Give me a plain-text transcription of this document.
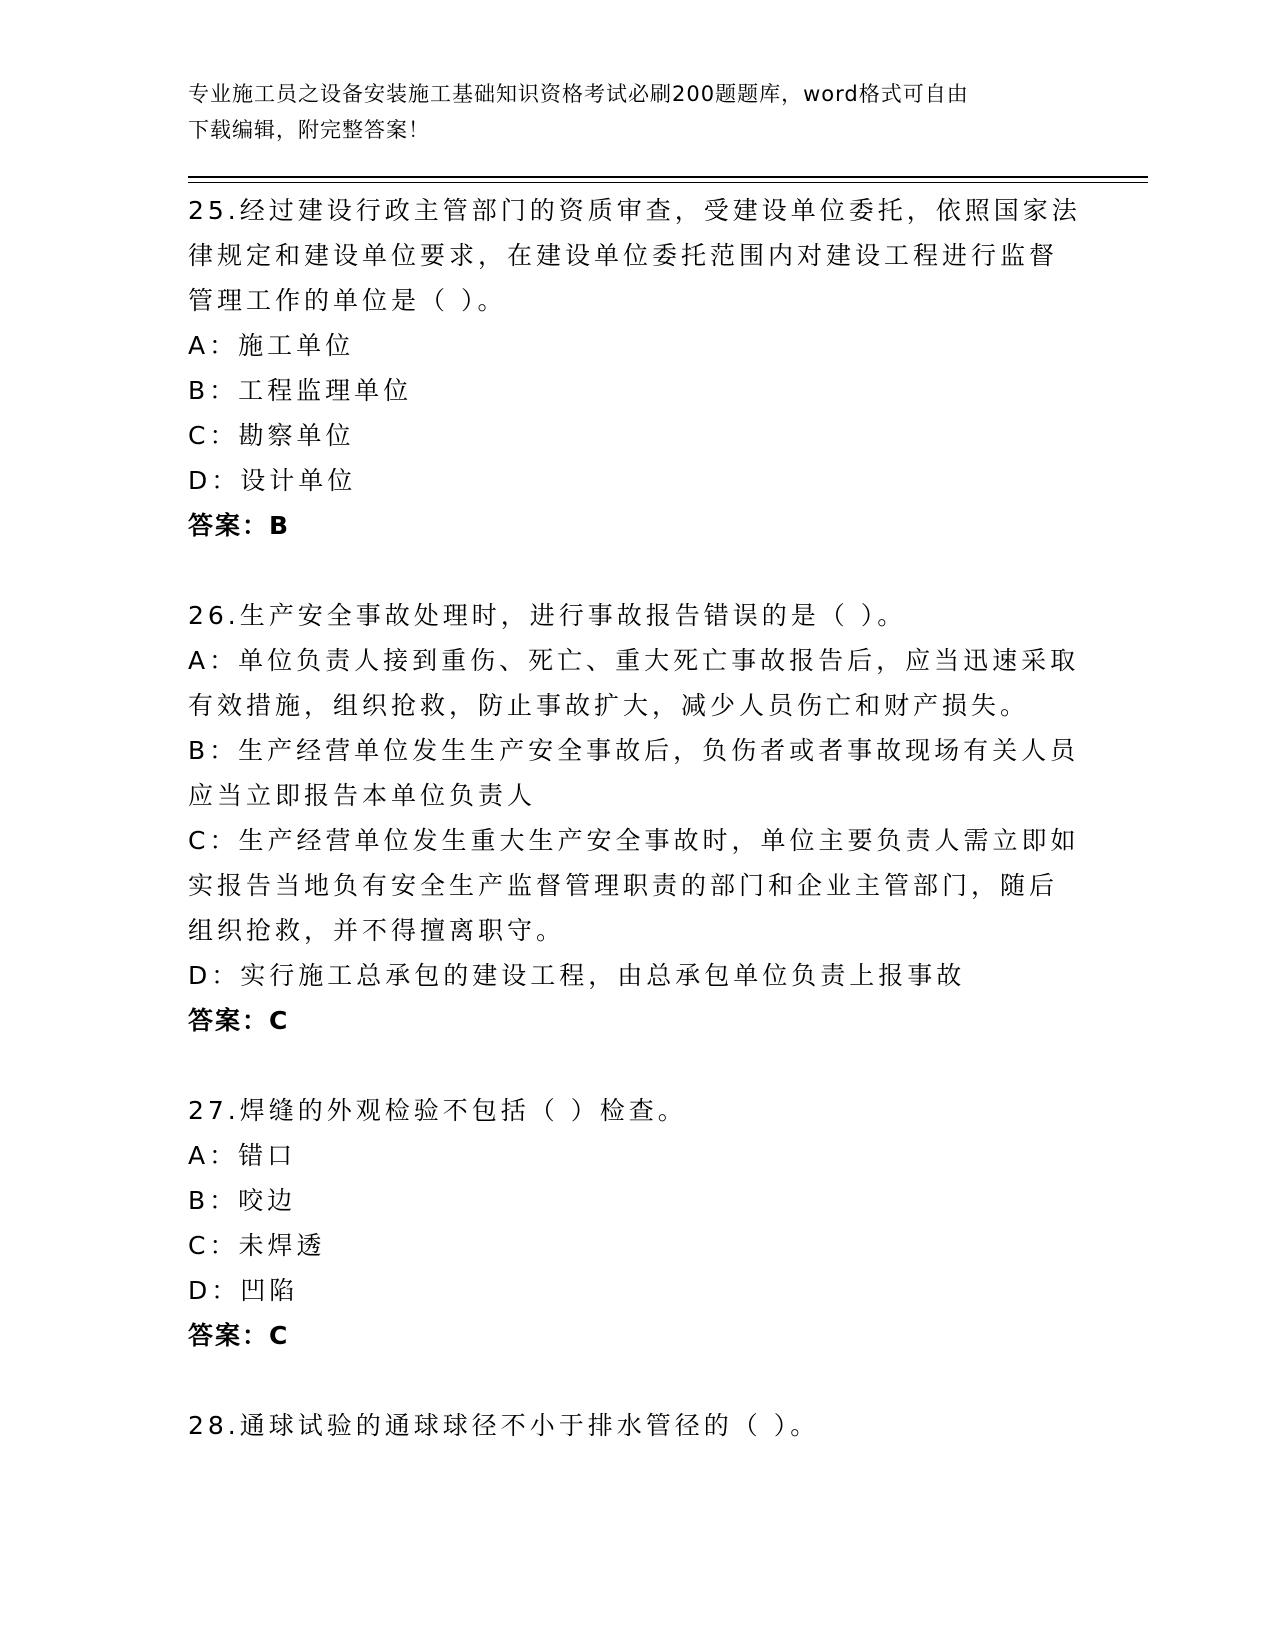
专业施工员之设备安装施工基础知识资格考试必刷200题题库，word格式可自由
下载编辑，附完整答案！
25.经过建设行政主管部门的资质审查，受建设单位委托，依照国家法
律规定和建设单位要求，在建设单位委托范围内对建设工程进行监督
管理工作的单位是（ ）。
A：施工单位
B：工程监理单位
C：勘察单位
D：设计单位
答案：B
26.生产安全事故处理时，进行事故报告错误的是（ ）。
A：单位负责人接到重伤、死亡、重大死亡事故报告后，应当迅速采取
有效措施，组织抢救，防止事故扩大，减少人员伤亡和财产损失。
B：生产经营单位发生生产安全事故后，负伤者或者事故现场有关人员
应当立即报告本单位负责人
C：生产经营单位发生重大生产安全事故时，单位主要负责人需立即如
实报告当地负有安全生产监督管理职责的部门和企业主管部门，随后
组织抢救，并不得擅离职守。
D：实行施工总承包的建设工程，由总承包单位负责上报事故
答案：C
27.焊缝的外观检验不包括（ ）检查。
A：错口
B：咬边
C：未焊透
D：凹陷
答案：C
28.通球试验的通球球径不小于排水管径的（ ）。
